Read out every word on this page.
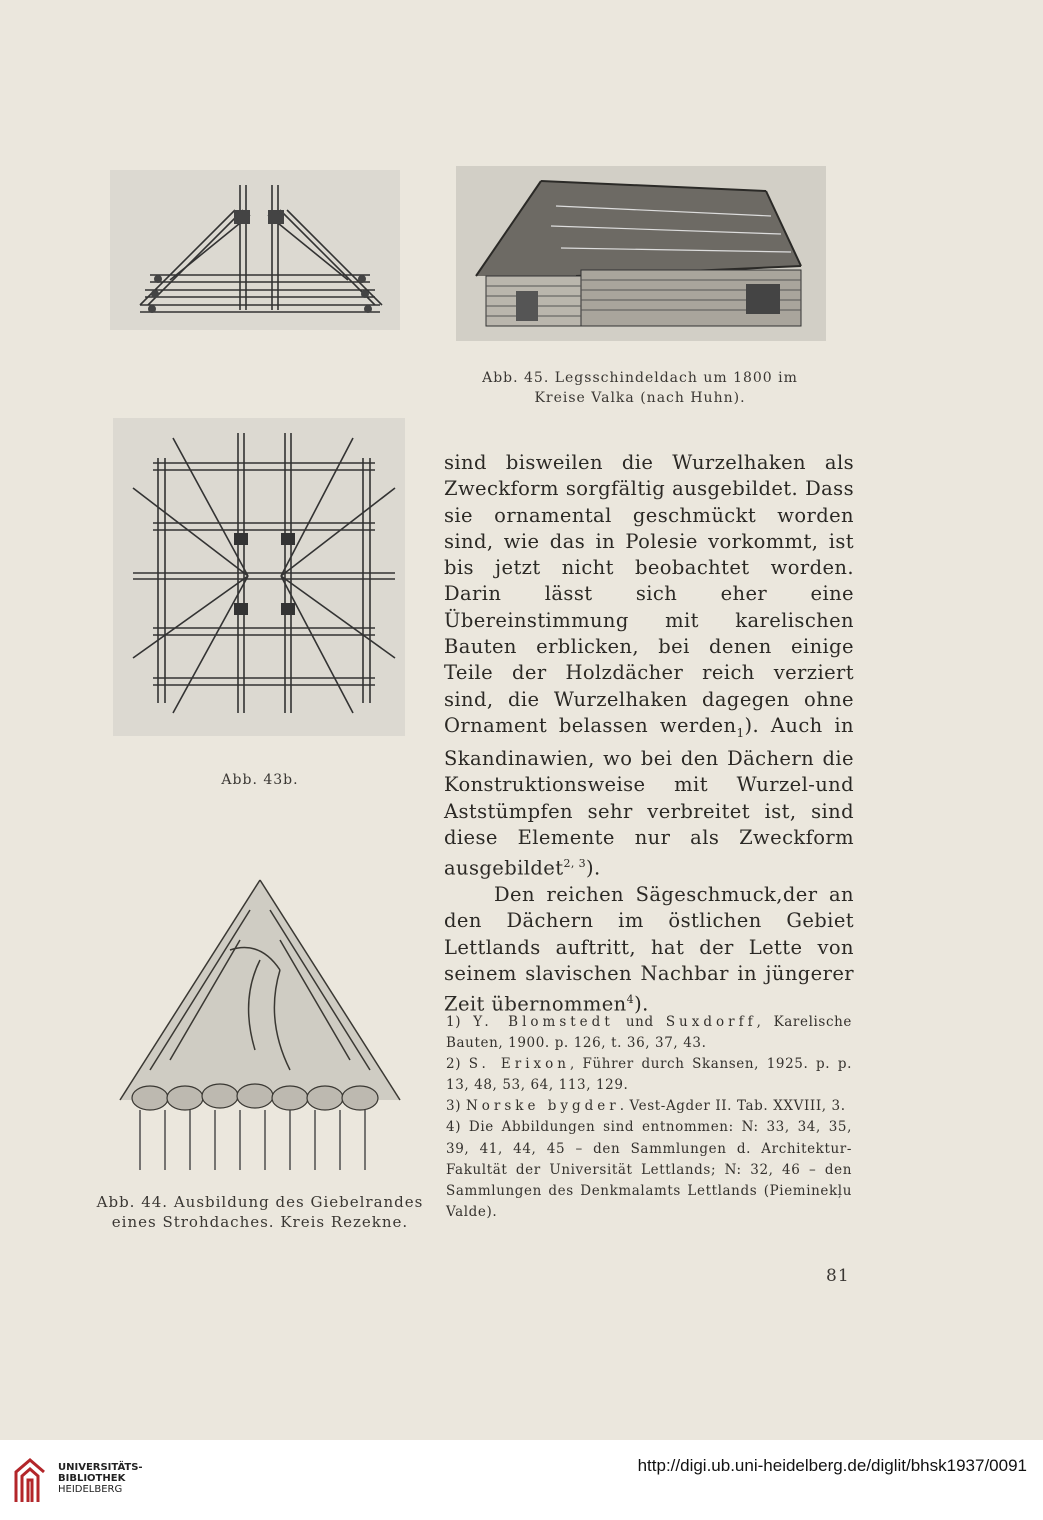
Abb. 45. Legsschindeldach um 1800 im
Kreise Valka (nach Huhn).
Abb. 43b.
Abb. 44. Ausbildung des Giebelrandes
eines Strohdaches. Kreis Rezekne.

sind bisweilen die Wurzelhaken als Zweckform sorgfältig ausgebildet. Dass sie ornamental geschmückt worden sind, wie das in Polesie vorkommt, ist bis jetzt nicht beobachtet worden. Darin lässt sich eher eine Übereinstimmung mit karelischen Bauten erblicken, bei denen einige Teile der Holzdächer reich verziert sind, die Wurzelhaken dagegen ohne Ornament belassen werden$_1$). Auch in Skandinawien, wo bei den Dächern die Konstruktionsweise mit Wurzel-und Aststümpfen sehr verbreitet ist, sind diese Elemente nur als Zweckform ausgebildet$^{2, 3}$).

Den reichen Sägeschmuck,der an den Dächern im östlichen Gebiet Lettlands auftritt, hat der Lette von seinem slavischen Nachbar in jüngerer Zeit übernommen$^4$).

1) Y. Blomstedt und Suxdorff, Karelische Bauten, 1900. p. 126, t. 36, 37, 43.

2) S. Erixon, Führer durch Skansen, 1925. p. p. 13, 48, 53, 64, 113, 129.

3) Norske bygder. Vest-Agder II. Tab. XXVIII, 3.

4) Die Abbildungen sind entnommen: N: 33, 34, 35, 39, 41, 44, 45 – den Sammlungen d. Architektur-Fakultät der Universität Lettlands; N: 32, 46 – den Sammlungen des Denkmalamts Lettlands (Pieminekļu Valde).

81
UNIVERSITÄTS-
BIBLIOTHEK
HEIDELBERG
http://digi.ub.uni-heidelberg.de/diglit/bhsk1937/0091
